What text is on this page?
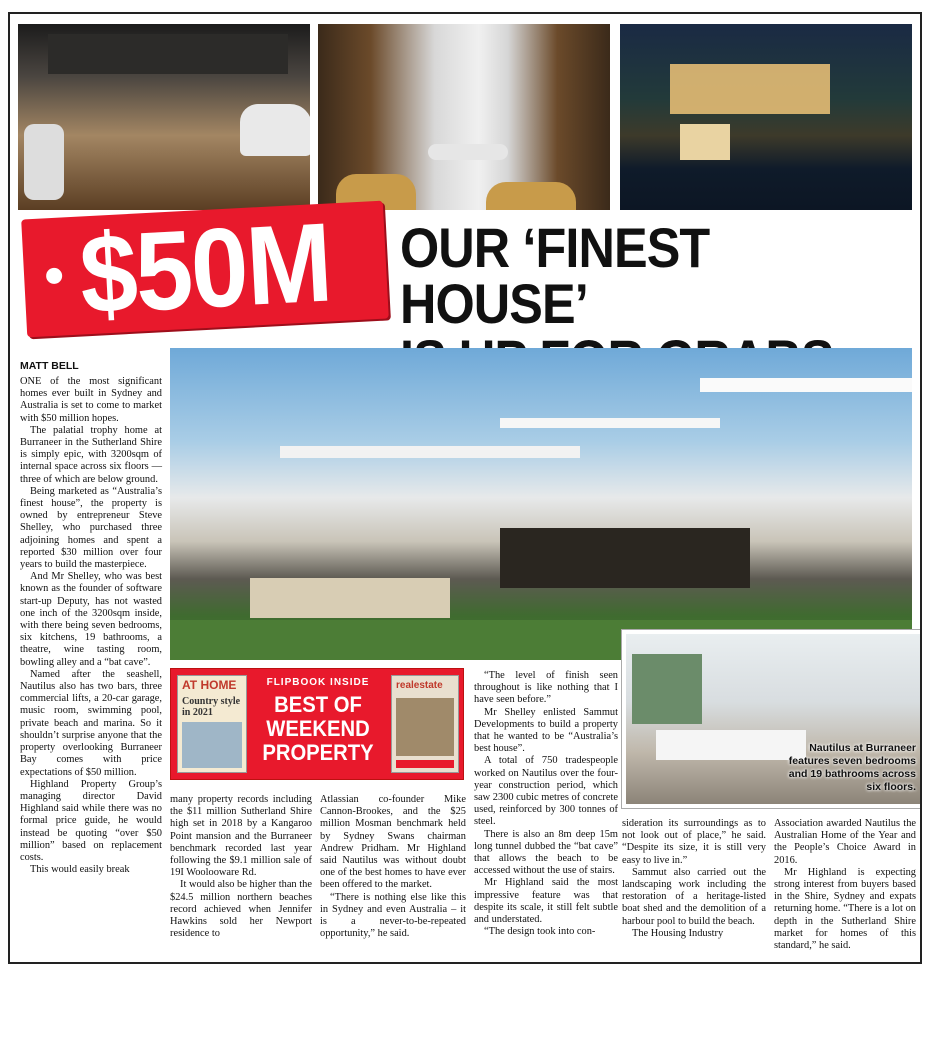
$50M OUR ‘FINEST HOUSE’
MATT BELL

ONE of the most significant homes ever built in Sydney and Australia is set to come to market with $50 million hopes.

The palatial trophy home at Burraneer in the Sutherland Shire is simply epic, with 3200sqm of internal space across six floors — three of which are below ground.

Being marketed as “Australia’s finest house”, the property is owned by entrepreneur Steve Shelley, who purchased three adjoining homes and spent a reported $30 million over four years to build the masterpiece.

And Mr Shelley, who was best known as the founder of software start-up Deputy, has not wasted one inch of the 3200sqm inside, with there being seven bedrooms, six kitchens, 19 bathrooms, a theatre, wine tasting room, bowling alley and a “bat cave”.

Named after the seashell, Nautilus also has two bars, three commercial lifts, a 20-car garage, music room, swimming pool, private beach and marina. So it shouldn’t surprise anyone that the property overlooking Burraneer Bay comes with price expectations of $50 million.

Highland Property Group’s managing director David Highland said while there was no formal price guide, he would instead be quoting “over $50 million” based on replacement costs.

This would easily break

AT HOME
Country style in 2021
FLIPBOOK INSIDE
BEST OF WEEKEND PROPERTY
realestate

many property records including the $11 million Sutherland Shire high set in 2018 by a Kangaroo Point mansion and the Burraneer benchmark recorded last year following the $9.1 million sale of 19I Woolooware Rd.

It would also be higher than the $24.5 million northern beaches record achieved when Jennifer Hawkins sold her Newport residence to

Atlassian co-founder Mike Cannon-Brookes, and the $25 million Mosman benchmark held by Sydney Swans chairman Andrew Pridham. Mr Highland said Nautilus was without doubt one of the best homes to have ever been offered to the market.

“There is nothing else like this in Sydney and even Australia – it is a never-to-be-repeated opportunity,” he said.

“The level of finish seen throughout is like nothing that I have seen before.”

Mr Shelley enlisted Sammut Developments to build a property that he wanted to be “Australia’s best house”.

A total of 750 tradespeople worked on Nautilus over the four-year construction period, which saw 2300 cubic metres of concrete used, reinforced by 300 tonnes of steel.

There is also an 8m deep 15m long tunnel dubbed the “bat cave” that allows the beach to be accessed without the use of stairs.

Mr Highland said the most impressive feature was that despite its scale, it still felt subtle and understated.

“The design took into con-

Nautilus at Burraneer features seven bedrooms and 19 bathrooms across six floors.

sideration its surroundings as to not look out of place,” he said. “Despite its size, it is still very easy to live in.”

Sammut also carried out the landscaping work including the restoration of a heritage-listed boat shed and the demolition of a harbour pool to build the beach.

The Housing Industry

Association awarded Nautilus the Australian Home of the Year and the People’s Choice Award in 2016.

Mr Highland is expecting strong interest from buyers based in the Shire, Sydney and expats returning home. “There is a lot on depth in the Sutherland Shire market for homes of this standard,” he said.
